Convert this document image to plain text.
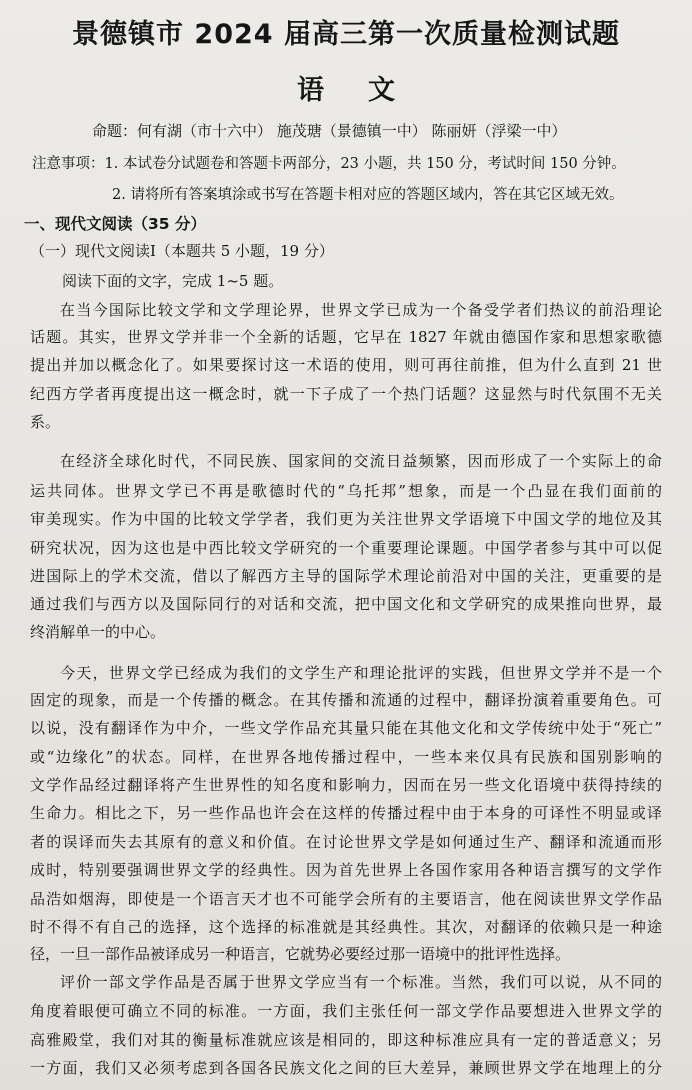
景德镇市 2024 届高三第一次质量检测试题
语文
命题：何有湖（市十六中） 施茂瑭（景德镇一中） 陈丽妍（浮梁一中）
注意事项：1. 本试卷分试题卷和答题卡两部分，23 小题，共 150 分，考试时间 150 分钟。
2. 请将所有答案填涂或书写在答题卡相对应的答题区域内，答在其它区域无效。
一、现代文阅读（35 分）
（一）现代文阅读Ⅰ（本题共 5 小题，19 分）
阅读下面的文字，完成 1~5 题。
在当今国际比较文学和文学理论界，世界文学已成为一个备受学者们热议的前沿理论
话题。其实，世界文学并非一个全新的话题，它早在 1827 年就由德国作家和思想家歌德
提出并加以概念化了。如果要探讨这一术语的使用，则可再往前推，但为什么直到 21 世
纪西方学者再度提出这一概念时，就一下子成了一个热门话题？这显然与时代氛围不无关
系。
在经济全球化时代，不同民族、国家间的交流日益频繁，因而形成了一个实际上的命
运共同体。世界文学已不再是歌德时代的“乌托邦”想象，而是一个凸显在我们面前的
审美现实。作为中国的比较文学学者，我们更为关注世界文学语境下中国文学的地位及其
研究状况，因为这也是中西比较文学研究的一个重要理论课题。中国学者参与其中可以促
进国际上的学术交流，借以了解西方主导的国际学术理论前沿对中国的关注，更重要的是
通过我们与西方以及国际同行的对话和交流，把中国文化和文学研究的成果推向世界，最
终消解单一的中心。
今天，世界文学已经成为我们的文学生产和理论批评的实践，但世界文学并不是一个
固定的现象，而是一个传播的概念。在其传播和流通的过程中，翻译扮演着重要角色。可
以说，没有翻译作为中介，一些文学作品充其量只能在其他文化和文学传统中处于“死亡”
或“边缘化”的状态。同样，在世界各地传播过程中，一些本来仅具有民族和国别影响的
文学作品经过翻译将产生世界性的知名度和影响力，因而在另一些文化语境中获得持续的
生命力。相比之下，另一些作品也许会在这样的传播过程中由于本身的可译性不明显或译
者的误译而失去其原有的意义和价值。在讨论世界文学是如何通过生产、翻译和流通而形
成时，特别要强调世界文学的经典性。因为首先世界上各国作家用各种语言撰写的文学作
品浩如烟海，即使是一个语言天才也不可能学会所有的主要语言，他在阅读世界文学作品
时不得不有自己的选择，这个选择的标准就是其经典性。其次，对翻译的依赖只是一种途
径，一旦一部作品被译成另一种语言，它就势必要经过那一语境中的批评性选择。
评价一部文学作品是否属于世界文学应当有一个标准。当然，我们可以说，从不同的
角度着眼便可确立不同的标准。一方面，我们主张任何一部文学作品要想进入世界文学的
高雅殿堂，我们对其的衡量标准就应该是相同的，即这种标准应具有一定的普适意义；另
一方面，我们又必须考虑到各国各民族文化之间的巨大差异，兼顾世界文学在地理上的分
